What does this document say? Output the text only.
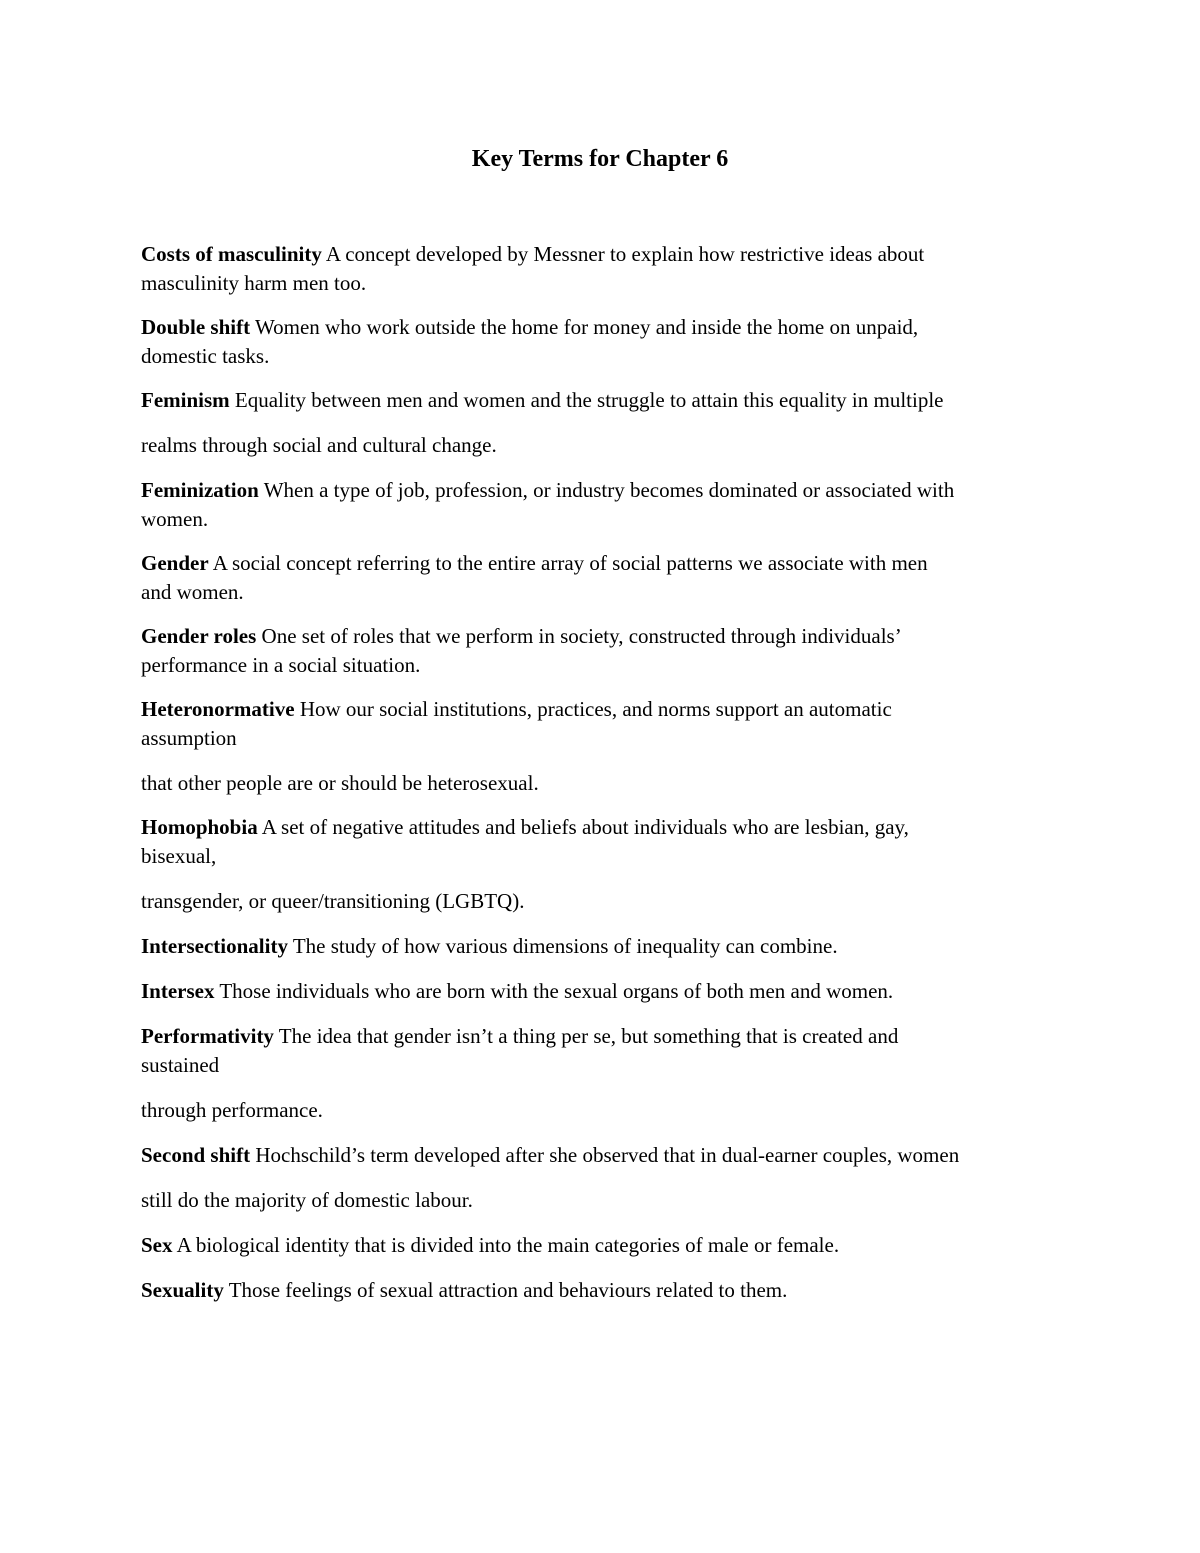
Key Terms for Chapter 6

Costs of masculinity A concept developed by Messner to explain how restrictive ideas about
masculinity harm men too.

Double shift Women who work outside the home for money and inside the home on unpaid,
domestic tasks.

Feminism Equality between men and women and the struggle to attain this equality in multiple

realms through social and cultural change.

Feminization When a type of job, profession, or industry becomes dominated or associated with
women.

Gender A social concept referring to the entire array of social patterns we associate with men
and women.

Gender roles One set of roles that we perform in society, constructed through individuals’
performance in a social situation.

Heteronormative How our social institutions, practices, and norms support an automatic
assumption

that other people are or should be heterosexual.

Homophobia A set of negative attitudes and beliefs about individuals who are lesbian, gay,
bisexual,

transgender, or queer/transitioning (LGBTQ).

Intersectionality The study of how various dimensions of inequality can combine.

Intersex Those individuals who are born with the sexual organs of both men and women.

Performativity The idea that gender isn’t a thing per se, but something that is created and
sustained

through performance.

Second shift Hochschild’s term developed after she observed that in dual-earner couples, women

still do the majority of domestic labour.

Sex A biological identity that is divided into the main categories of male or female.

Sexuality Those feelings of sexual attraction and behaviours related to them.
